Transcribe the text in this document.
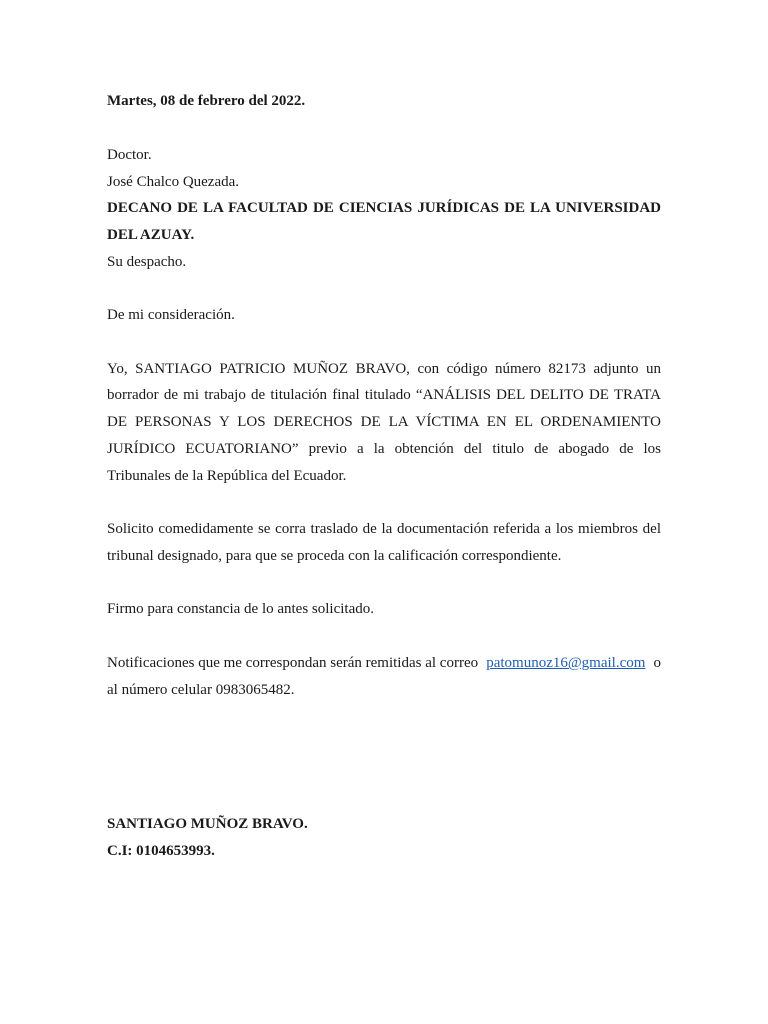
Martes, 08 de febrero del 2022.
Doctor.
José Chalco Quezada.
DECANO DE LA FACULTAD DE CIENCIAS JURÍDICAS DE LA UNIVERSIDAD
DEL AZUAY.
Su despacho.
De mi consideración.
Yo, SANTIAGO PATRICIO MUÑOZ BRAVO, con código número 82173 adjunto un
borrador de mi trabajo de titulación final titulado “ANÁLISIS DEL DELITO DE TRATA
DE PERSONAS Y LOS DERECHOS DE LA VÍCTIMA EN EL ORDENAMIENTO
JURÍDICO ECUATORIANO” previo a la obtención del titulo de abogado de los
Tribunales de la República del Ecuador.
Solicito comedidamente se corra traslado de la documentación referida a los miembros del
tribunal designado, para que se proceda con la calificación correspondiente.
Firmo para constancia de lo antes solicitado.
Notificaciones que me correspondan serán remitidas al correo patomunoz16@gmail.com o
al número celular 0983065482.
SANTIAGO MUÑOZ BRAVO.
C.I: 0104653993.
